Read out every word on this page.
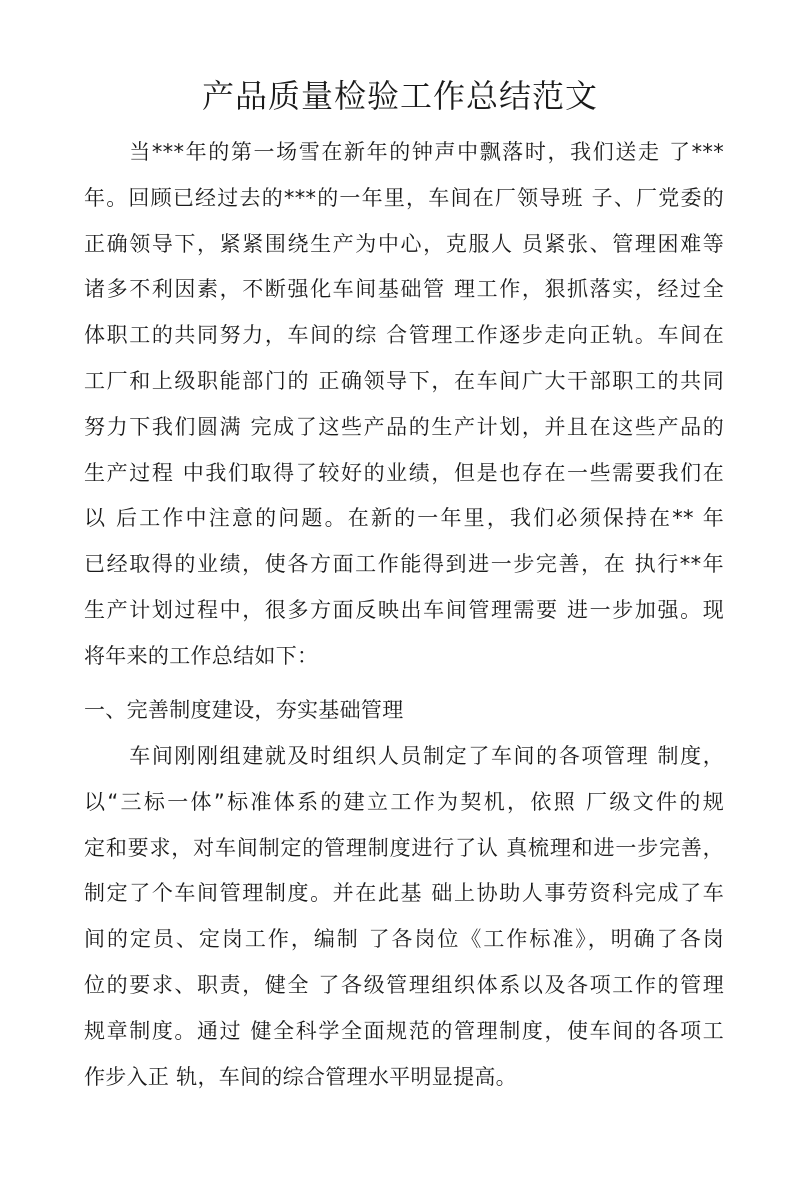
产品质量检验工作总结范文
　　当***年的第一场雪在新年的钟声中飘落时，我们送走 了***
年。回顾已经过去的***的一年里，车间在厂领导班 子、厂党委的
正确领导下，紧紧围绕生产为中心，克服人 员紧张、管理困难等
诸多不利因素，不断强化车间基础管 理工作，狠抓落实，经过全
体职工的共同努力，车间的综 合管理工作逐步走向正轨。车间在
工厂和上级职能部门的 正确领导下，在车间广大干部职工的共同
努力下我们圆满 完成了这些产品的生产计划，并且在这些产品的
生产过程 中我们取得了较好的业绩，但是也存在一些需要我们在
以 后工作中注意的问题。在新的一年里，我们必须保持在** 年
已经取得的业绩，使各方面工作能得到进一步完善，在 执行**年
生产计划过程中，很多方面反映出车间管理需要 进一步加强。现
将年来的工作总结如下：
一、完善制度建设，夯实基础管理
　　车间刚刚组建就及时组织人员制定了车间的各项管理 制度，
以“三标一体”标准体系的建立工作为契机，依照 厂级文件的规
定和要求，对车间制定的管理制度进行了认 真梳理和进一步完善，
制定了个车间管理制度。并在此基 础上协助人事劳资科完成了车
间的定员、定岗工作，编制 了各岗位《工作标准》，明确了各岗
位的要求、职责，健全 了各级管理组织体系以及各项工作的管理
规章制度。通过 健全科学全面规范的管理制度，使车间的各项工
作步入正 轨，车间的综合管理水平明显提高。
